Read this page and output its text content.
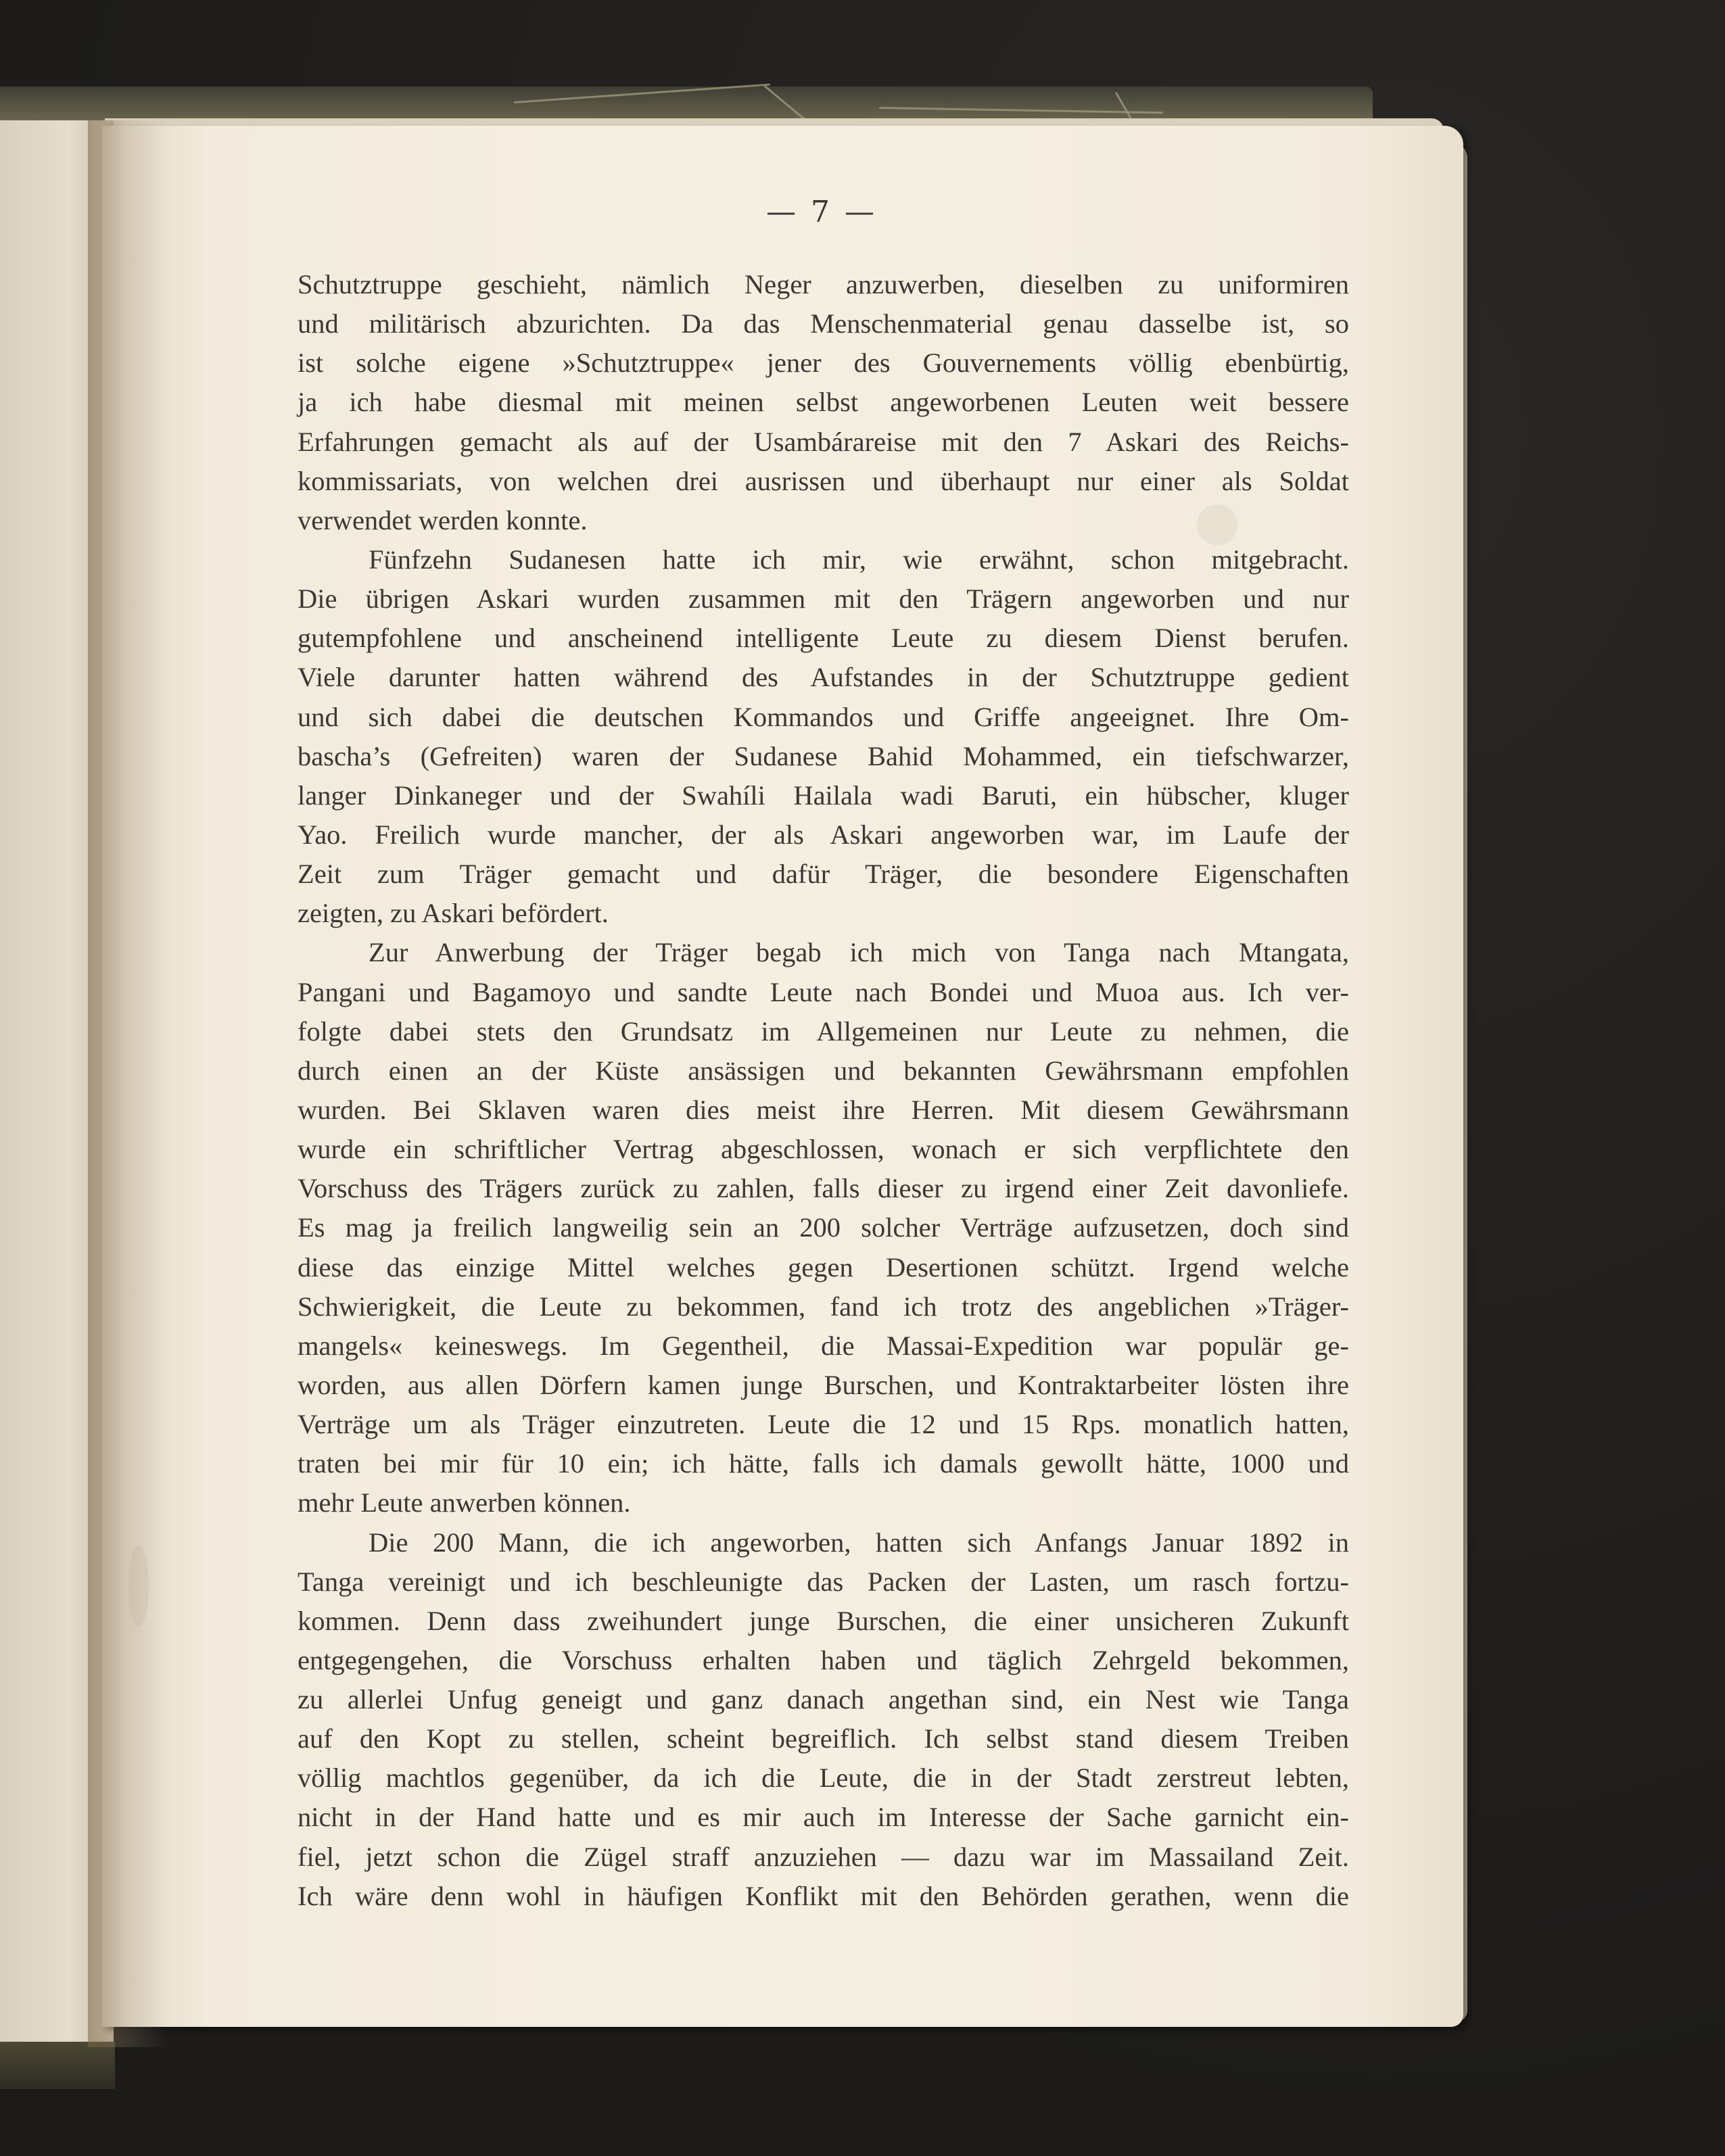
— 7 —
Schutztruppe geschieht, nämlich Neger anzuwerben, dieselben zu uniformiren
und militärisch abzurichten. Da das Menschenmaterial genau dasselbe ist, so
ist solche eigene »Schutztruppe« jener des Gouvernements völlig ebenbürtig,
ja ich habe diesmal mit meinen selbst angeworbenen Leuten weit bessere
Erfahrungen gemacht als auf der Usambárareise mit den 7 Askari des Reichs-
kommissariats, von welchen drei ausrissen und überhaupt nur einer als Soldat
verwendet werden konnte.
Fünfzehn Sudanesen hatte ich mir, wie erwähnt, schon mitgebracht.
Die übrigen Askari wurden zusammen mit den Trägern angeworben und nur
gutempfohlene und anscheinend intelligente Leute zu diesem Dienst berufen.
Viele darunter hatten während des Aufstandes in der Schutztruppe gedient
und sich dabei die deutschen Kommandos und Griffe angeeignet. Ihre Om-
bascha’s (Gefreiten) waren der Sudanese Bahid Mohammed, ein tiefschwarzer,
langer Dinkaneger und der Swahíli Hailala wadi Baruti, ein hübscher, kluger
Yao. Freilich wurde mancher, der als Askari angeworben war, im Laufe der
Zeit zum Träger gemacht und dafür Träger, die besondere Eigenschaften
zeigten, zu Askari befördert.
Zur Anwerbung der Träger begab ich mich von Tanga nach Mtangata,
Pangani und Bagamoyo und sandte Leute nach Bondei und Muoa aus. Ich ver-
folgte dabei stets den Grundsatz im Allgemeinen nur Leute zu nehmen, die
durch einen an der Küste ansässigen und bekannten Gewährsmann empfohlen
wurden. Bei Sklaven waren dies meist ihre Herren. Mit diesem Gewährsmann
wurde ein schriftlicher Vertrag abgeschlossen, wonach er sich verpflichtete den
Vorschuss des Trägers zurück zu zahlen, falls dieser zu irgend einer Zeit davonliefe.
Es mag ja freilich langweilig sein an 200 solcher Verträge aufzusetzen, doch sind
diese das einzige Mittel welches gegen Desertionen schützt. Irgend welche
Schwierigkeit, die Leute zu bekommen, fand ich trotz des angeblichen »Träger-
mangels« keineswegs. Im Gegentheil, die Massai-Expedition war populär ge-
worden, aus allen Dörfern kamen junge Burschen, und Kontraktarbeiter lösten ihre
Verträge um als Träger einzutreten. Leute die 12 und 15 Rps. monatlich hatten,
traten bei mir für 10 ein; ich hätte, falls ich damals gewollt hätte, 1000 und
mehr Leute anwerben können.
Die 200 Mann, die ich angeworben, hatten sich Anfangs Januar 1892 in
Tanga vereinigt und ich beschleunigte das Packen der Lasten, um rasch fortzu-
kommen. Denn dass zweihundert junge Burschen, die einer unsicheren Zukunft
entgegengehen, die Vorschuss erhalten haben und täglich Zehrgeld bekommen,
zu allerlei Unfug geneigt und ganz danach angethan sind, ein Nest wie Tanga
auf den Kopt zu stellen, scheint begreiflich. Ich selbst stand diesem Treiben
völlig machtlos gegenüber, da ich die Leute, die in der Stadt zerstreut lebten,
nicht in der Hand hatte und es mir auch im Interesse der Sache garnicht ein-
fiel, jetzt schon die Zügel straff anzuziehen — dazu war im Massailand Zeit.
Ich wäre denn wohl in häufigen Konflikt mit den Behörden gerathen, wenn die
